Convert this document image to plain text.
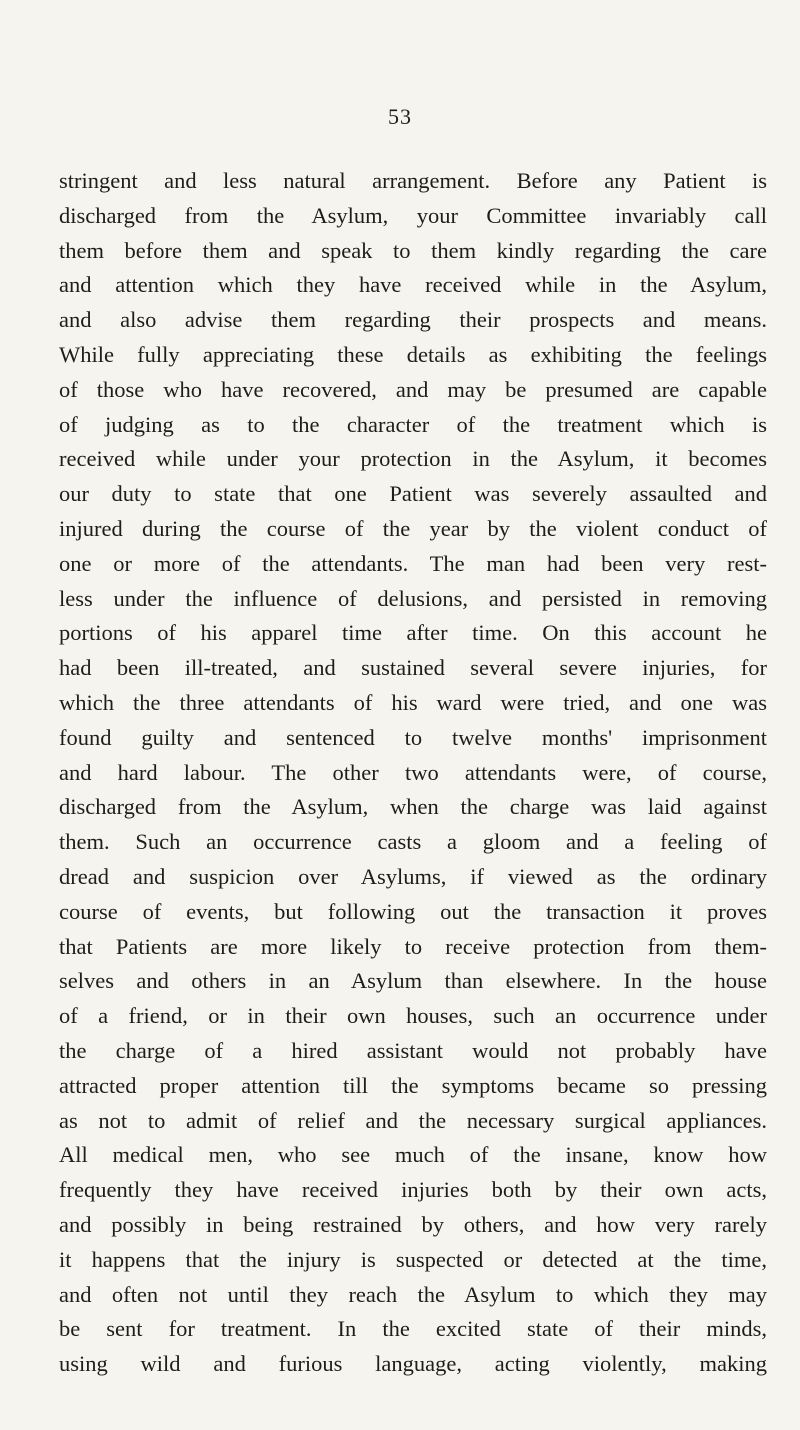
53
stringent and less natural arrangement. Before any Patient is
discharged from the Asylum, your Committee invariably call
them before them and speak to them kindly regarding the care
and attention which they have received while in the Asylum,
and also advise them regarding their prospects and means.
While fully appreciating these details as exhibiting the feelings
of those who have recovered, and may be presumed are capable
of judging as to the character of the treatment which is
received while under your protection in the Asylum, it becomes
our duty to state that one Patient was severely assaulted and
injured during the course of the year by the violent conduct of
one or more of the attendants. The man had been very rest-
less under the influence of delusions, and persisted in removing
portions of his apparel time after time. On this account he
had been ill-treated, and sustained several severe injuries, for
which the three attendants of his ward were tried, and one was
found guilty and sentenced to twelve months' imprisonment
and hard labour. The other two attendants were, of course,
discharged from the Asylum, when the charge was laid against
them. Such an occurrence casts a gloom and a feeling of
dread and suspicion over Asylums, if viewed as the ordinary
course of events, but following out the transaction it proves
that Patients are more likely to receive protection from them-
selves and others in an Asylum than elsewhere. In the house
of a friend, or in their own houses, such an occurrence under
the charge of a hired assistant would not probably have
attracted proper attention till the symptoms became so pressing
as not to admit of relief and the necessary surgical appliances.
All medical men, who see much of the insane, know how
frequently they have received injuries both by their own acts,
and possibly in being restrained by others, and how very rarely
it happens that the injury is suspected or detected at the time,
and often not until they reach the Asylum to which they may
be sent for treatment. In the excited state of their minds,
using wild and furious language, acting violently, making
